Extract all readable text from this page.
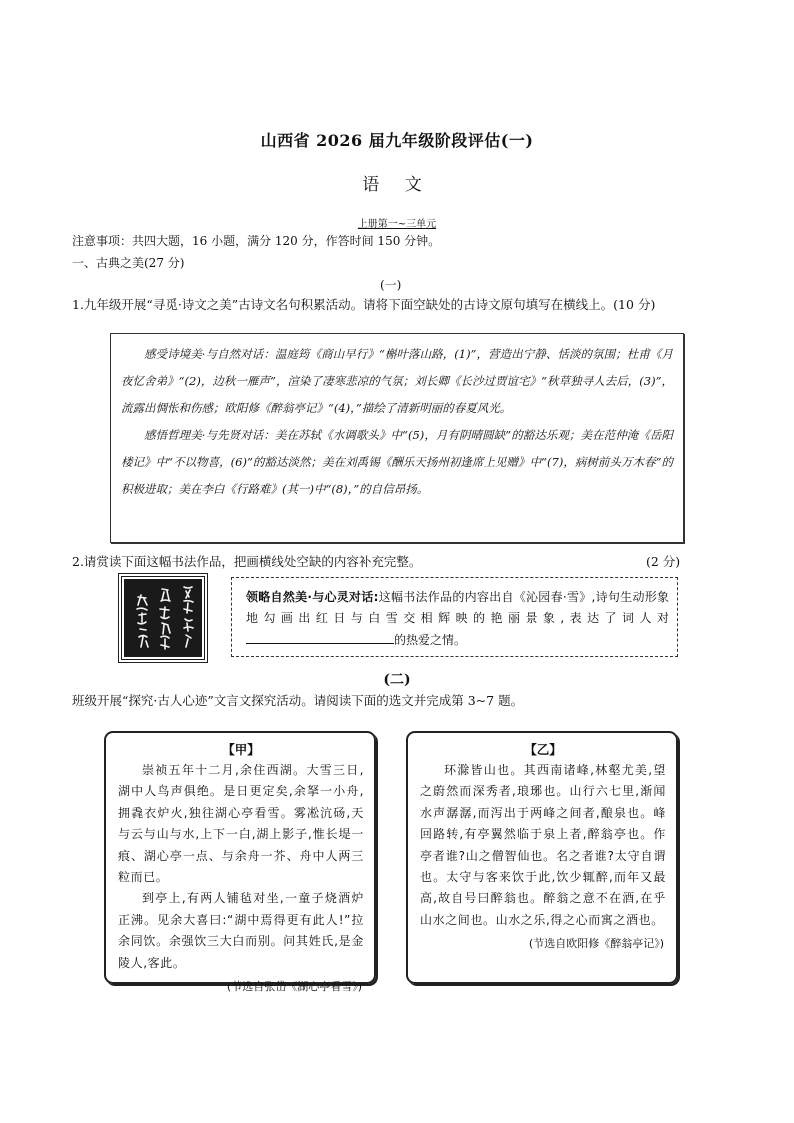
山西省 2026 届九年级阶段评估(一)
语 文
上册第一~三单元
注意事项：共四大题，16 小题，满分 120 分，作答时间 150 分钟。
一、古典之美(27 分)
(一)
1.九年级开展“寻觅·诗文之美”古诗文名句积累活动。请将下面空缺处的古诗文原句填写在横线上。(10 分)

感受诗境美·与自然对话：温庭筠《商山早行》“槲叶落山路，(1)”，营造出宁静、恬淡的氛围；杜甫《月夜忆舍弟》“(2)，边秋一雁声”，渲染了凄寒悲凉的气氛；刘长卿《长沙过贾谊宅》“秋草独寻人去后，(3)”，流露出惆怅和伤感；欧阳修《醉翁亭记》“(4)，”描绘了清新明丽的春夏风光。

感悟哲理美·与先贤对话：美在苏轼《水调歌头》中“(5)，月有阴晴圆缺”的豁达乐观；美在范仲淹《岳阳楼记》中“不以物喜，(6)”的豁达淡然；美在刘禹锡《酬乐天扬州初逢席上见赠》中“(7)，病树前头万木春”的积极进取；美在李白《行路难》(其一)中“(8)，”的自信昂扬。

2.请赏读下面这幅书法作品，把画横线处空缺的内容补充完整。	(2 分)
领略自然美·与心灵对话:这幅书法作品的内容出自《沁园春·雪》,诗句生动形象地勾画出红日与白雪交相辉映的艳丽景象,表达了词人对的热爱之情。
(二)
班级开展“探究·古人心迹”文言文探究活动。请阅读下面的选文并完成第 3~7 题。
【甲】

崇祯五年十二月,余住西湖。大雪三日,湖中人鸟声俱绝。是日更定矣,余拏一小舟,拥毳衣炉火,独往湖心亭看雪。雾凇沆砀,天与云与山与水,上下一白,湖上影子,惟长堤一痕、湖心亭一点、与余舟一芥、舟中人两三粒而已。

到亭上,有两人铺毡对坐,一童子烧酒炉正沸。见余大喜曰:“湖中焉得更有此人!”拉余同饮。余强饮三大白而别。问其姓氏,是金陵人,客此。

(节选自张岱《湖心亭看雪》)
【乙】

环滁皆山也。其西南诸峰,林壑尤美,望之蔚然而深秀者,琅琊也。山行六七里,渐闻水声潺潺,而泻出于两峰之间者,酿泉也。峰回路转,有亭翼然临于泉上者,醉翁亭也。作亭者谁?山之僧智仙也。名之者谁?太守自谓也。太守与客来饮于此,饮少辄醉,而年又最高,故自号曰醉翁也。醉翁之意不在酒,在乎山水之间也。山水之乐,得之心而寓之酒也。

(节选自欧阳修《醉翁亭记》)
